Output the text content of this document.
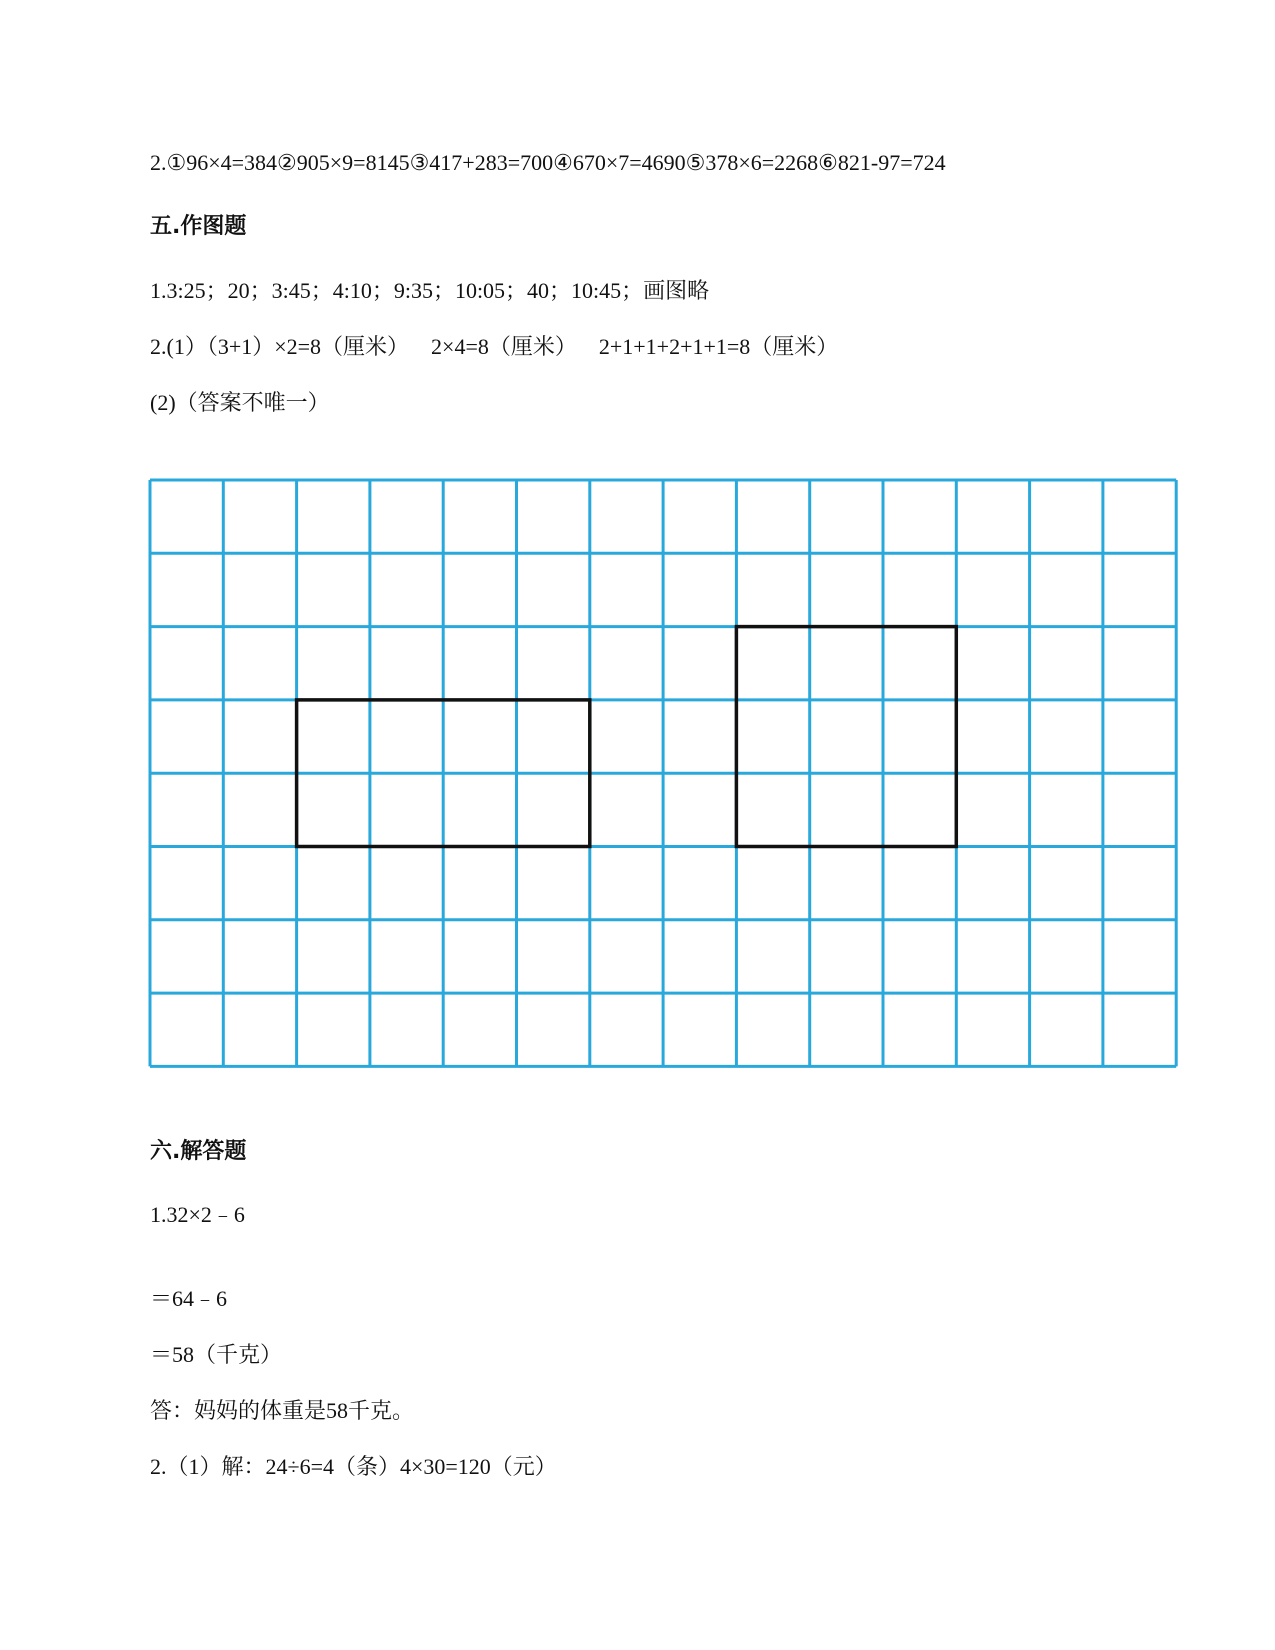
2.①96×4=384②905×9=8145③417+283=700④670×7=4690⑤378×6=2268⑥821-97=724
五.作图题
1.3:25；20；3:45；4:10；9:35；10:05；40；10:45；画图略
2.(1）（3+1）×2=8（厘米）    2×4=8（厘米）    2+1+1+2+1+1=8（厘米）
(2)（答案不唯一）
六.解答题
1.32×2﹣6
＝64﹣6
＝58（千克）
答：妈妈的体重是58千克。
2.（1）解：24÷6=4（条）4×30=120（元）
